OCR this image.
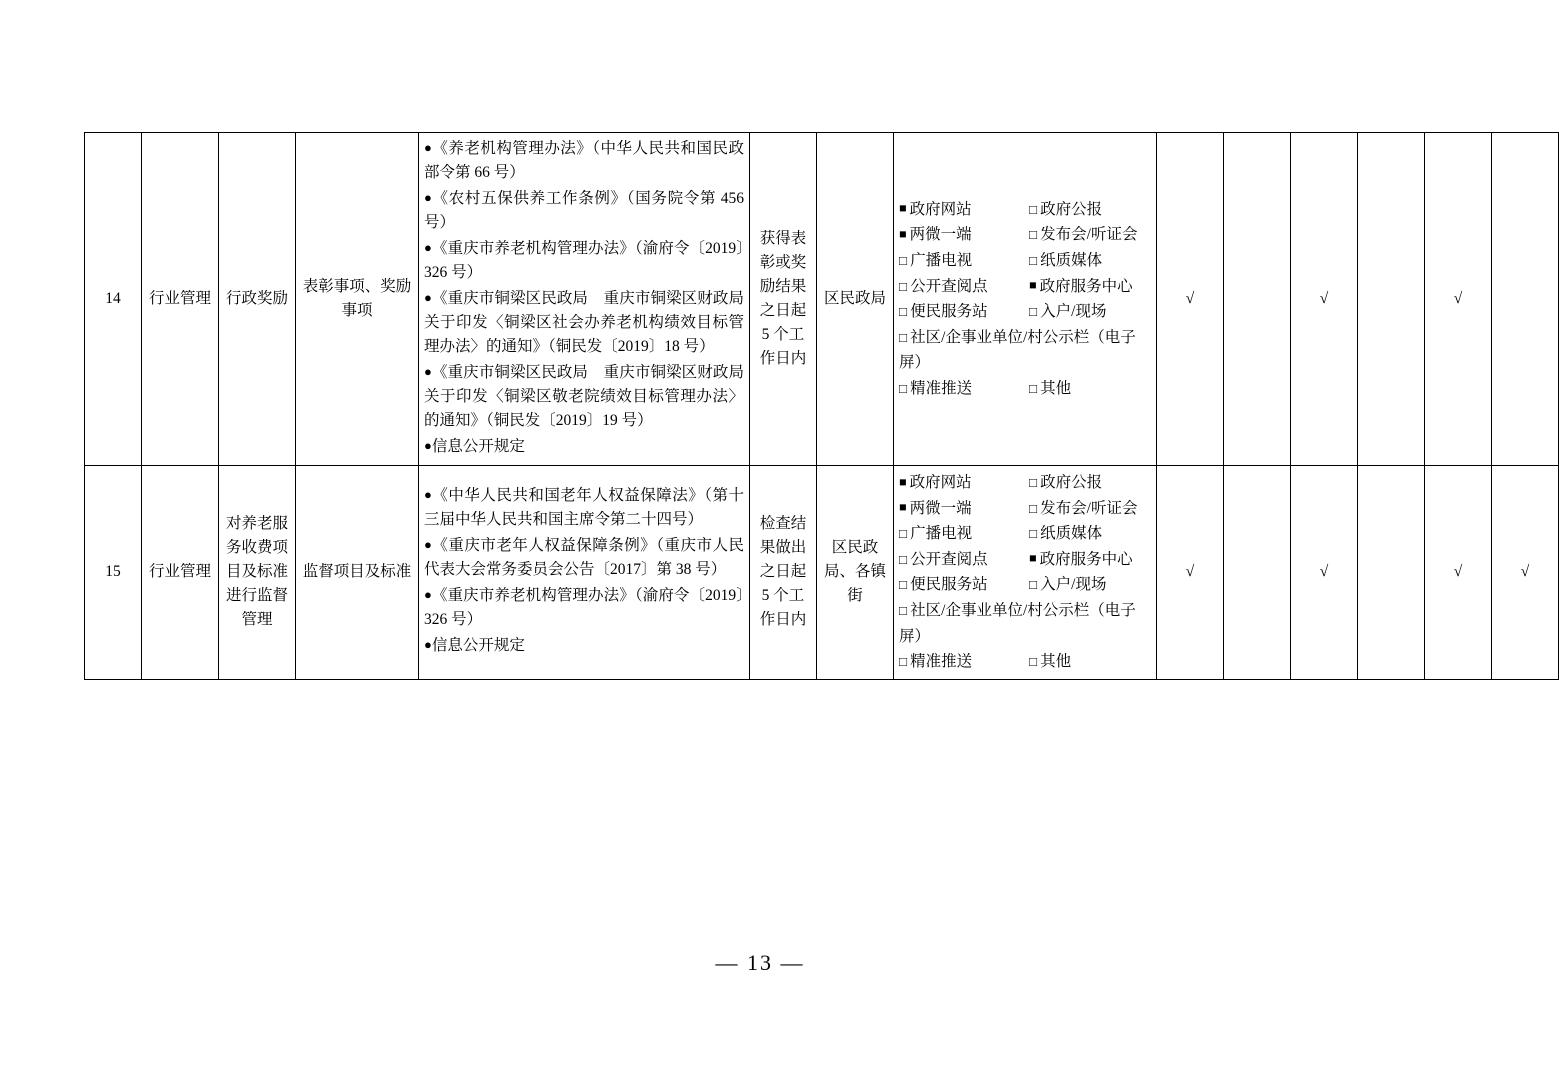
14	行业管理	行政奖励	表彰事项、奖励事项	
●《养老机构管理办法》（中华人民共和国民政部令第 66 号）
●《农村五保供养工作条例》（国务院令第 456 号）
●《重庆市养老机构管理办法》（渝府令〔2019〕326 号）
●《重庆市铜梁区民政局　重庆市铜梁区财政局关于印发〈铜梁区社会办养老机构绩效目标管理办法〉的通知》（铜民发〔2019〕18 号）
●《重庆市铜梁区民政局　重庆市铜梁区财政局关于印发〈铜梁区敬老院绩效目标管理办法〉的通知》（铜民发〔2019〕19 号）
●信息公开规定
	获得表彰或奖励结果之日起 5 个工作日内	区民政局	
■ 政府网站	□ 政府公报
■ 两微一端	□ 发布会/听证会
□ 广播电视	□ 纸质媒体
□ 公开查阅点	■ 政府服务中心
□ 便民服务站	□ 入户/现场
□ 社区/企事业单位/村公示栏（电子屏）
□ 精准推送	□ 其他
	√		√		√	
15	行业管理	对养老服务收费项目及标准进行监督管理	监督项目及标准	
●《中华人民共和国老年人权益保障法》（第十三届中华人民共和国主席令第二十四号）
●《重庆市老年人权益保障条例》（重庆市人民代表大会常务委员会公告〔2017〕第 38 号）
●《重庆市养老机构管理办法》（渝府令〔2019〕326 号）
●信息公开规定
	检查结果做出之日起 5 个工作日内	区民政局、各镇街	
■ 政府网站	□ 政府公报
■ 两微一端	□ 发布会/听证会
□ 广播电视	□ 纸质媒体
□ 公开查阅点	■ 政府服务中心
□ 便民服务站	□ 入户/现场
□ 社区/企事业单位/村公示栏（电子屏）
□ 精准推送	□ 其他
	√		√		√	√
— 13 —
